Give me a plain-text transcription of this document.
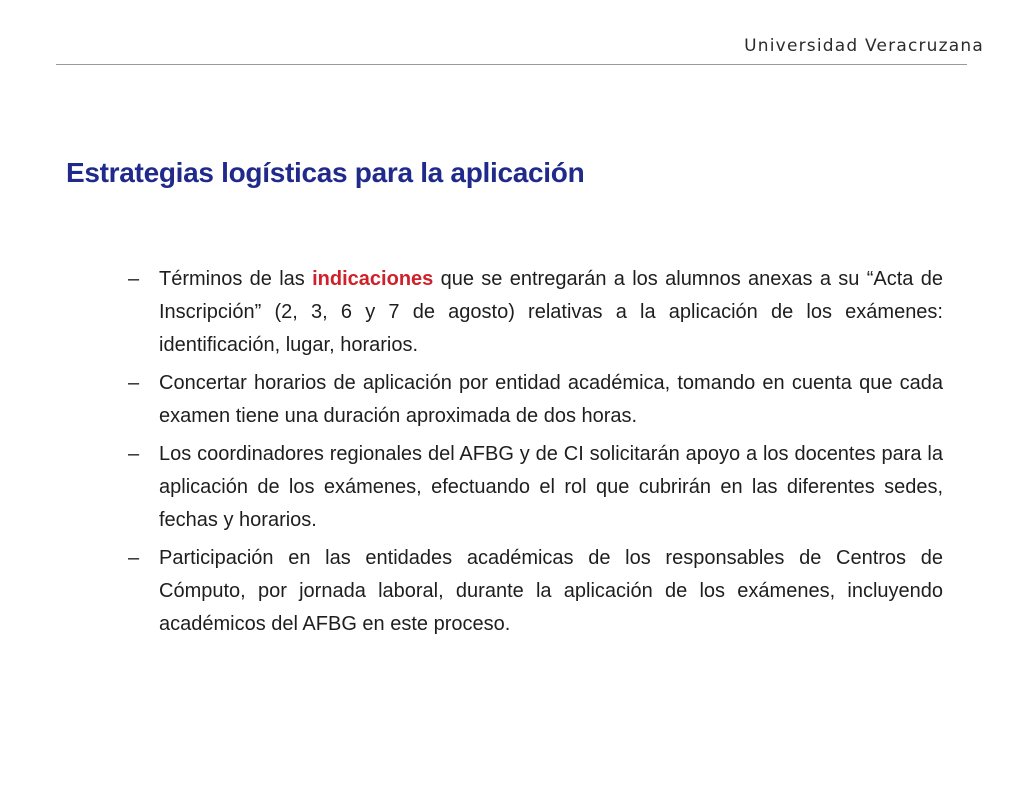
Universidad Veracruzana
Estrategias logísticas para la aplicación
– Términos de las indicaciones que se entregarán a los alumnos anexas a su “Acta de Inscripción” (2, 3, 6 y 7 de agosto) relativas a la aplicación de los exámenes: identificación, lugar, horarios.
– Concertar horarios de aplicación por entidad académica, tomando en cuenta que cada examen tiene una duración aproximada de dos horas.
– Los coordinadores regionales del AFBG y de CI solicitarán apoyo a los docentes para la aplicación de los exámenes, efectuando el rol que cubrirán en las diferentes sedes, fechas y horarios.
– Participación en las entidades académicas de los responsables de Centros de Cómputo, por jornada laboral, durante la aplicación de los exámenes, incluyendo académicos del AFBG en este proceso.
